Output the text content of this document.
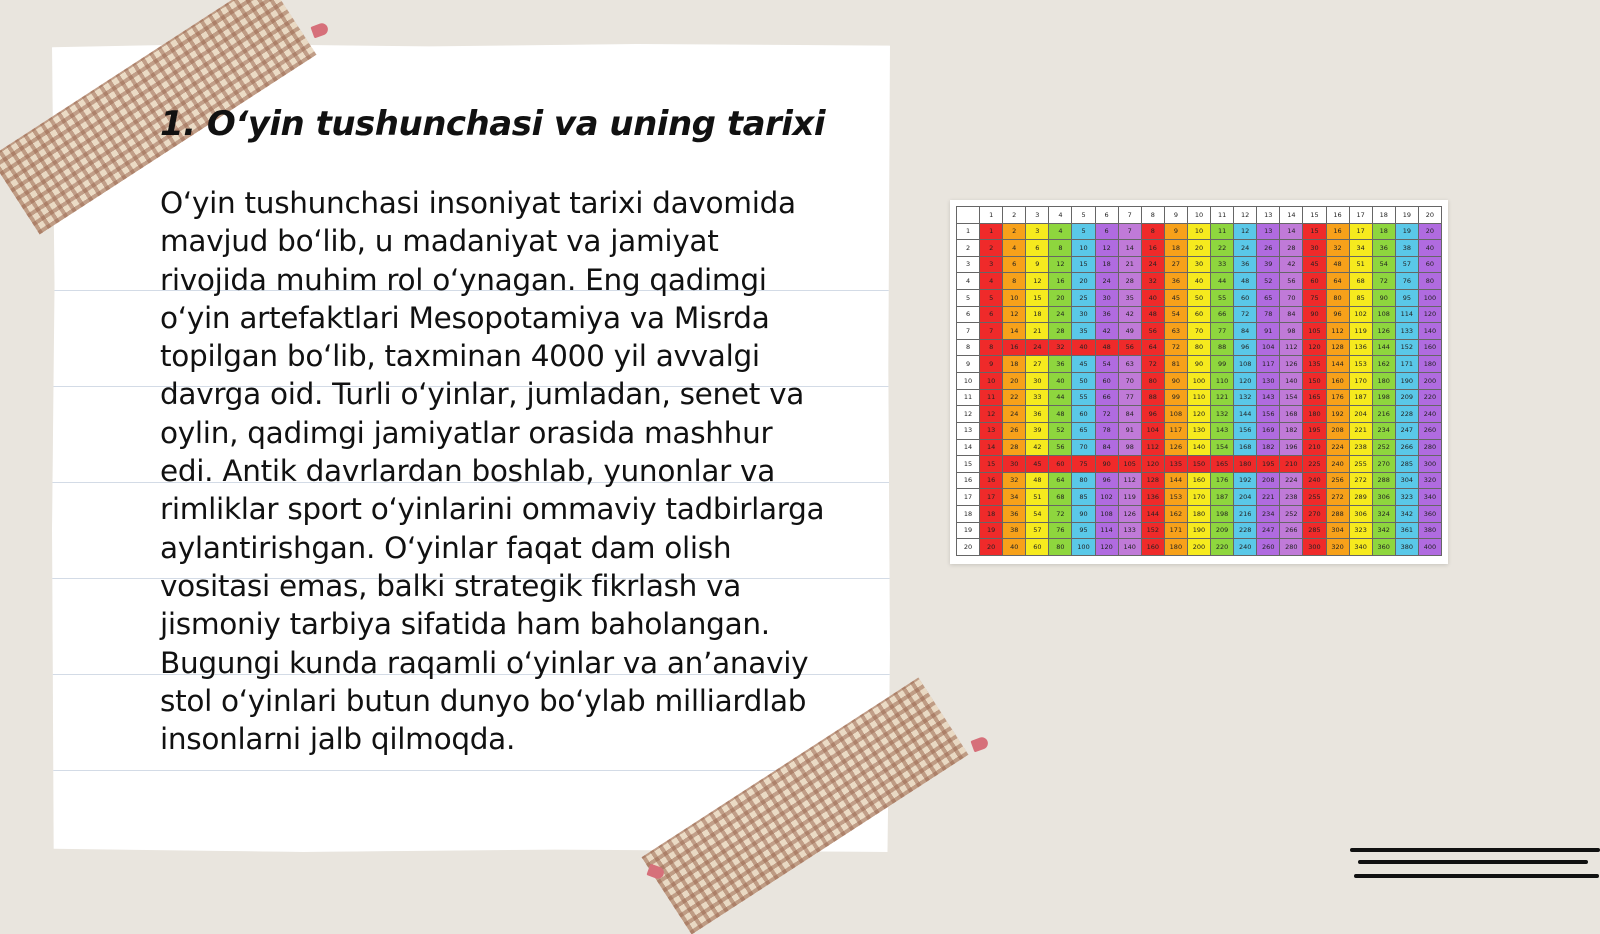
1. O‘yin tushunchasi va uning tarixi

O‘yin tushunchasi insoniyat tarixi davomida mavjud bo‘lib, u madaniyat va jamiyat rivojida muhim rol o‘ynagan. Eng qadimgi o‘yin artefaktlari Mesopotamiya va Misrda topilgan bo‘lib, taxminan 4000 yil avvalgi davrga oid. Turli o‘yinlar, jumladan, senet va oylin, qadimgi jamiyatlar orasida mashhur edi. Antik davrlardan boshlab, yunonlar va rimliklar sport o‘yinlarini ommaviy tadbirlarga aylantirishgan. O‘yinlar faqat dam olish vositasi emas, balki strategik fikrlash va jismoniy tarbiya sifatida ham baholangan. Bugungi kunda raqamli o‘yinlar va an’anaviy stol o‘yinlari butun dunyo bo‘ylab milliardlab insonlarni jalb qilmoqda.

	1	2	3	4	5	6	7	8	9	10	11	12	13	14	15	16	17	18	19	20
1	1	2	3	4	5	6	7	8	9	10	11	12	13	14	15	16	17	18	19	20
2	2	4	6	8	10	12	14	16	18	20	22	24	26	28	30	32	34	36	38	40
3	3	6	9	12	15	18	21	24	27	30	33	36	39	42	45	48	51	54	57	60
4	4	8	12	16	20	24	28	32	36	40	44	48	52	56	60	64	68	72	76	80
5	5	10	15	20	25	30	35	40	45	50	55	60	65	70	75	80	85	90	95	100
6	6	12	18	24	30	36	42	48	54	60	66	72	78	84	90	96	102	108	114	120
7	7	14	21	28	35	42	49	56	63	70	77	84	91	98	105	112	119	126	133	140
8	8	16	24	32	40	48	56	64	72	80	88	96	104	112	120	128	136	144	152	160
9	9	18	27	36	45	54	63	72	81	90	99	108	117	126	135	144	153	162	171	180
10	10	20	30	40	50	60	70	80	90	100	110	120	130	140	150	160	170	180	190	200
11	11	22	33	44	55	66	77	88	99	110	121	132	143	154	165	176	187	198	209	220
12	12	24	36	48	60	72	84	96	108	120	132	144	156	168	180	192	204	216	228	240
13	13	26	39	52	65	78	91	104	117	130	143	156	169	182	195	208	221	234	247	260
14	14	28	42	56	70	84	98	112	126	140	154	168	182	196	210	224	238	252	266	280
15	15	30	45	60	75	90	105	120	135	150	165	180	195	210	225	240	255	270	285	300
16	16	32	48	64	80	96	112	128	144	160	176	192	208	224	240	256	272	288	304	320
17	17	34	51	68	85	102	119	136	153	170	187	204	221	238	255	272	289	306	323	340
18	18	36	54	72	90	108	126	144	162	180	198	216	234	252	270	288	306	324	342	360
19	19	38	57	76	95	114	133	152	171	190	209	228	247	266	285	304	323	342	361	380
20	20	40	60	80	100	120	140	160	180	200	220	240	260	280	300	320	340	360	380	400
